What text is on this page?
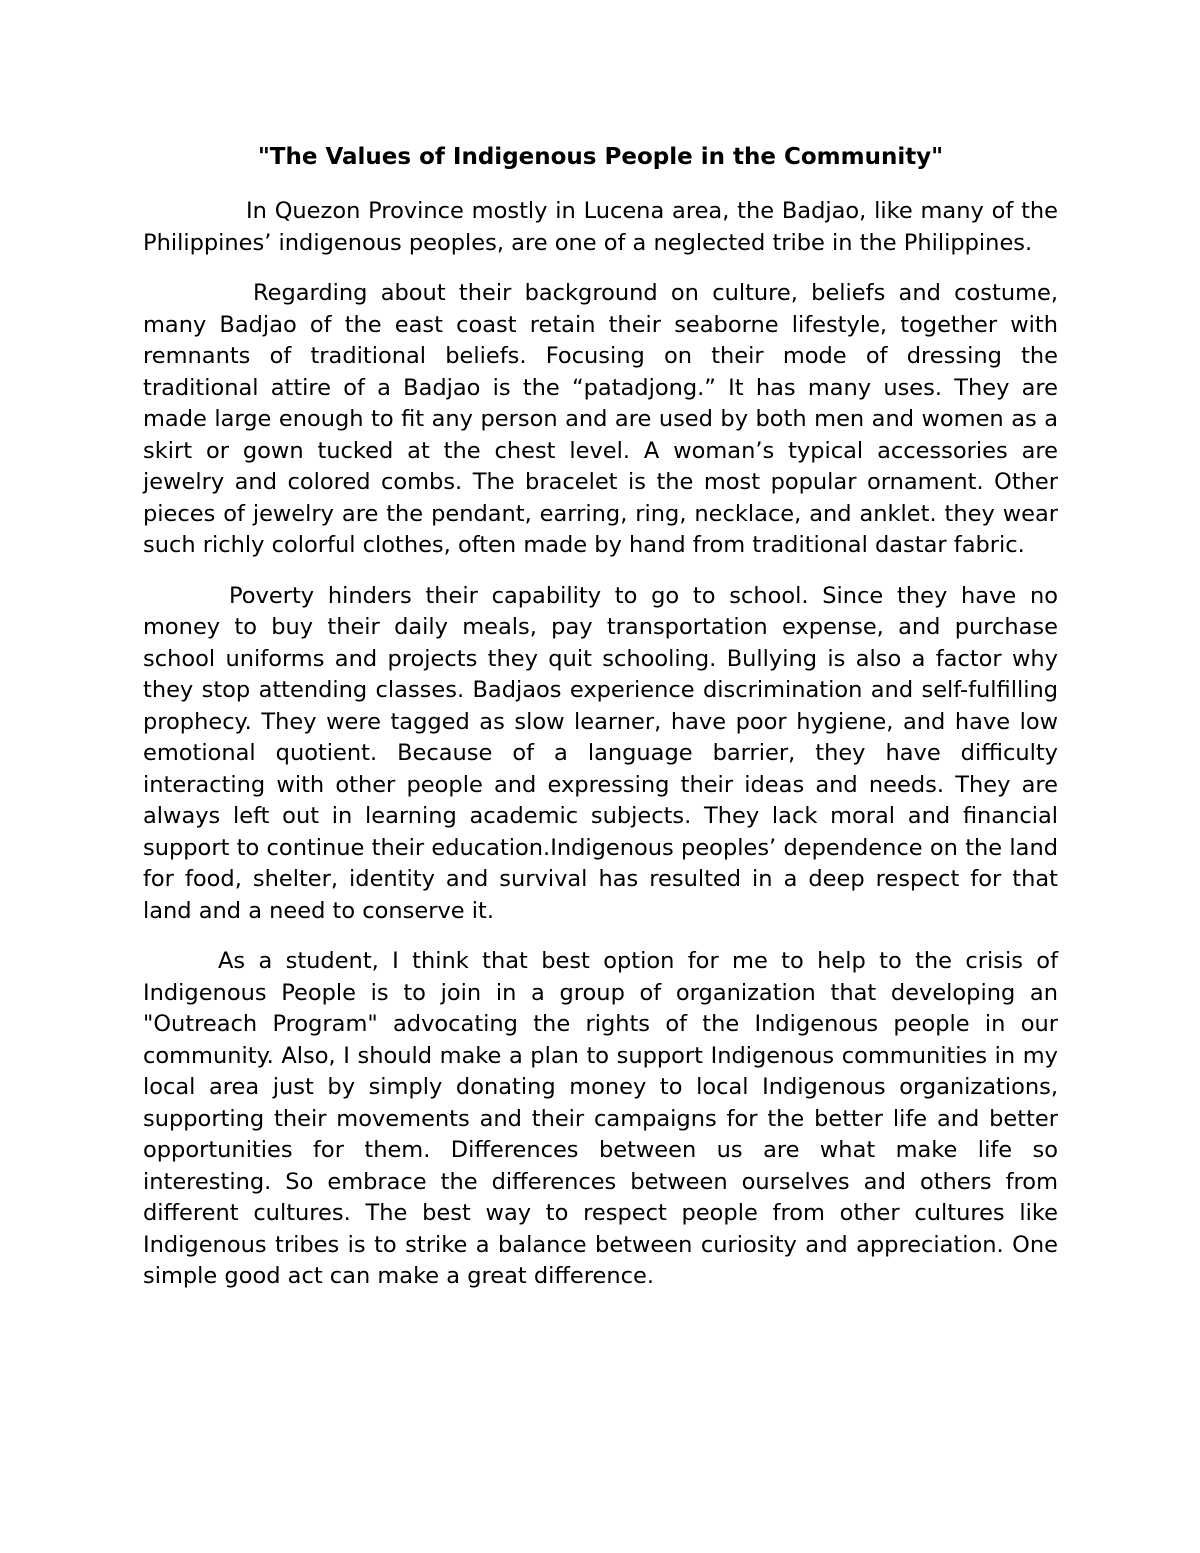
"The Values of Indigenous People in the Community"

In Quezon Province mostly in Lucena area, the Badjao, like many of the Philippines’ indigenous peoples, are one of a neglected tribe in the Philippines.

Regarding about their background on culture, beliefs and costume, many Badjao of the east coast retain their seaborne lifestyle, together with remnants of traditional beliefs. Focusing on their mode of dressing the traditional attire of a Badjao is the “patadjong.” It has many uses. They are made large enough to fit any person and are used by both men and women as a skirt or gown tucked at the chest level. A woman’s typical accessories are jewelry and colored combs. The bracelet is the most popular ornament. Other pieces of jewelry are the pendant, earring, ring, necklace, and anklet. they wear such richly colorful clothes, often made by hand from traditional dastar fabric.

Poverty hinders their capability to go to school. Since they have no money to buy their daily meals, pay transportation expense, and purchase school uniforms and projects they quit schooling. Bullying is also a factor why they stop attending classes. Badjaos experience discrimination and self-fulfilling prophecy. They were tagged as slow learner, have poor hygiene, and have low emotional quotient. Because of a language barrier, they have difficulty interacting with other people and expressing their ideas and needs. They are always left out in learning academic subjects. They lack moral and financial support to continue their education.Indigenous peoples’ dependence on the land for food, shelter, identity and survival has resulted in a deep respect for that land and a need to conserve it.

As a student, I think that best option for me to help to the crisis of Indigenous People is to join in a group of organization that developing an "Outreach Program" advocating the rights of the Indigenous people in our community. Also, I should make a plan to support Indigenous communities in my local area just by simply donating money to local Indigenous organizations, supporting their movements and their campaigns for the better life and better opportunities for them. Differences between us are what make life so interesting. So embrace the differences between ourselves and others from different cultures. The best way to respect people from other cultures like Indigenous tribes is to strike a balance between curiosity and appreciation. One simple good act can make a great difference.
